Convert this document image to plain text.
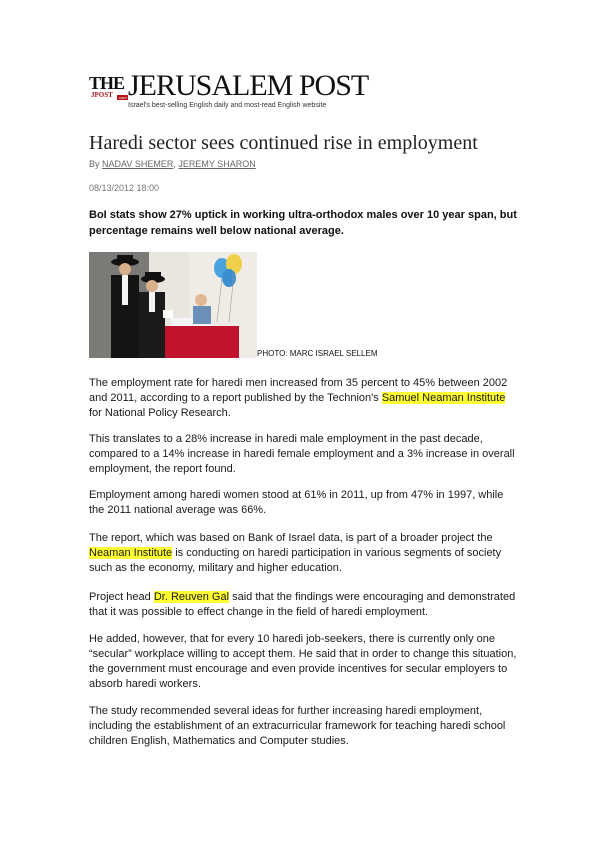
THE
JPOST .com JERUSALEM POST
Israel's best-selling English daily and most-read English website
Haredi sector sees continued rise in employment
By NADAV SHEMER, JEREMY SHARON
08/13/2012 18:00

BoI stats show 27% uptick in working ultra-orthodox males over 10 year span, but percentage remains well below national average.

PHOTO: MARC ISRAEL SELLEM

The employment rate for haredi men increased from 35 percent to 45% between 2002 and 2011, according to a report published by the Technion's Samuel Neaman Institute for National Policy Research.

This translates to a 28% increase in haredi male employment in the past decade, compared to a 14% increase in haredi female employment and a 3% increase in overall employment, the report found.

Employment among haredi women stood at 61% in 2011, up from 47% in 1997, while the 2011 national average was 66%.

The report, which was based on Bank of Israel data, is part of a broader project the Neaman Institute is conducting on haredi participation in various segments of society such as the economy, military and higher education.

Project head Dr. Reuven Gal said that the findings were encouraging and demonstrated that it was possible to effect change in the field of haredi employment.

He added, however, that for every 10 haredi job-seekers, there is currently only one “secular” workplace willing to accept them. He said that in order to change this situation, the government must encourage and even provide incentives for secular employers to absorb haredi workers.

The study recommended several ideas for further increasing haredi employment, including the establishment of an extracurricular framework for teaching haredi school children English, Mathematics and Computer studies.
